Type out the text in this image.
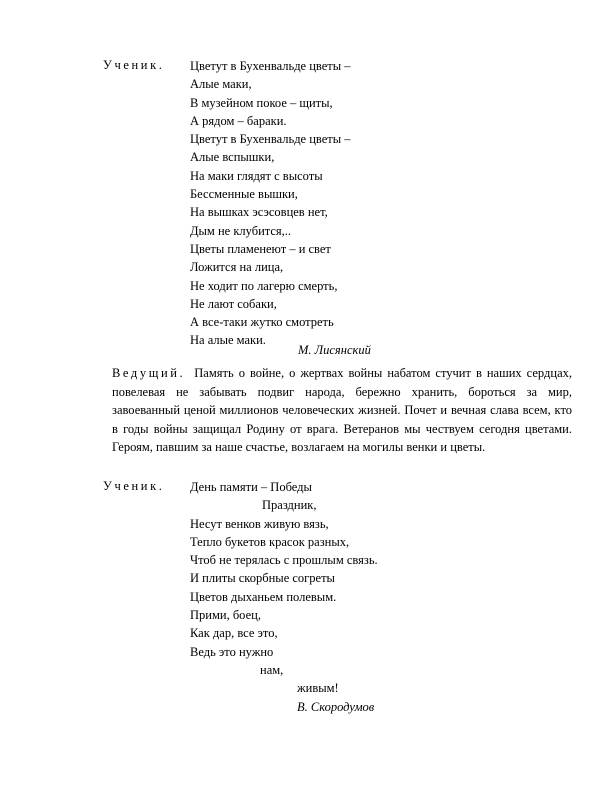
Ученик. Цветут в Бухенвальде цветы –
Алые маки,
В музейном покое – щиты,
А рядом – бараки.
Цветут в Бухенвальде цветы –
Алые вспышки,
На маки глядят с высоты
Бессменные вышки,
На вышках эсэсовцев нет,
Дым не клубится,..
Цветы пламенеют – и свет
Ложится на лица,
Не ходит по лагерю смерть,
Не лают собаки,
А все-таки жутко смотреть
На алые маки.
М. Лисянский
Ведущий. Память о войне, о жертвах войны набатом стучит в наших сердцах, повелевая не забывать подвиг народа, бережно хранить, бороться за мир, завоеванный ценой миллионов человеческих жизней. Почет и вечная слава всем, кто в годы войны защищал Родину от врага. Ветеранов мы чествуем сегодня цветами. Героям, павшим за наше счастье, возлагаем на могилы венки и цветы.
Ученик. День памяти – Победы
Праздник,
Несут венков живую вязь,
Тепло букетов красок разных,
Чтоб не терялась с прошлым связь.
И плиты скорбные согреты
Цветов дыханьем полевым.
Прими, боец,
Как дар, все это,
Ведь это нужно
нам,
живым!
В. Скородумов
